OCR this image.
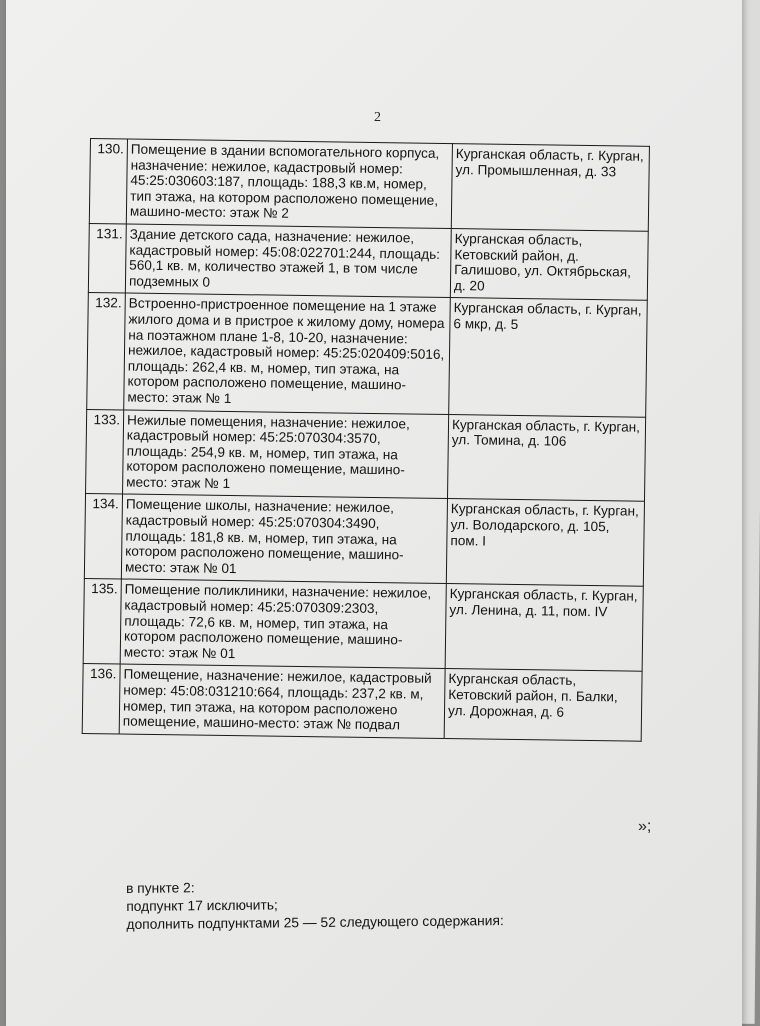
2
130.	Помещение в здании вспомогательного корпуса, назначение: нежилое, кадастровый номер: 45:25:030603:187, площадь: 188,3 кв.м, номер, тип этажа, на котором расположено помещение, машино-место: этаж № 2	Курганская область, г. Курган, ул. Промышленная, д. 33
131.	Здание детского сада, назначение: нежилое, кадастровый номер: 45:08:022701:244, площадь: 560,1 кв. м, количество этажей 1, в том числе подземных 0	Курганская область, Кетовский район, д. Галишово, ул. Октябрьская, д. 20
132.	Встроенно-пристроенное помещение на 1 этаже жилого дома и в пристрое к жилому дому, номера на поэтажном плане 1-8, 10-20, назначение: нежилое, кадастровый номер: 45:25:020409:5016, площадь: 262,4 кв. м, номер, тип этажа, на котором расположено помещение, машино-место: этаж № 1	Курганская область, г. Курган, 6 мкр, д. 5
133.	Нежилые помещения, назначение: нежилое, кадастровый номер: 45:25:070304:3570, площадь: 254,9 кв. м, номер, тип этажа, на котором расположено помещение, машино-место: этаж № 1	Курганская область, г. Курган, ул. Томина, д. 106
134.	Помещение школы, назначение: нежилое, кадастровый номер: 45:25:070304:3490, площадь: 181,8 кв. м, номер, тип этажа, на котором расположено помещение, машино-место: этаж № 01	Курганская область, г. Курган, ул. Володарского, д. 105, пом. I
135.	Помещение поликлиники, назначение: нежилое, кадастровый номер: 45:25:070309:2303, площадь: 72,6 кв. м, номер, тип этажа, на котором расположено помещение, машино-место: этаж № 01	Курганская область, г. Курган, ул. Ленина, д. 11, пом. IV
136.	Помещение, назначение: нежилое, кадастровый номер: 45:08:031210:664, площадь: 237,2 кв. м, номер, тип этажа, на котором расположено помещение, машино-место: этаж № подвал	Курганская область, Кетовский район, п. Балки, ул. Дорожная, д. 6
»;
в пункте 2:
подпункт 17 исключить;
дополнить подпунктами 25 — 52 следующего содержания:
